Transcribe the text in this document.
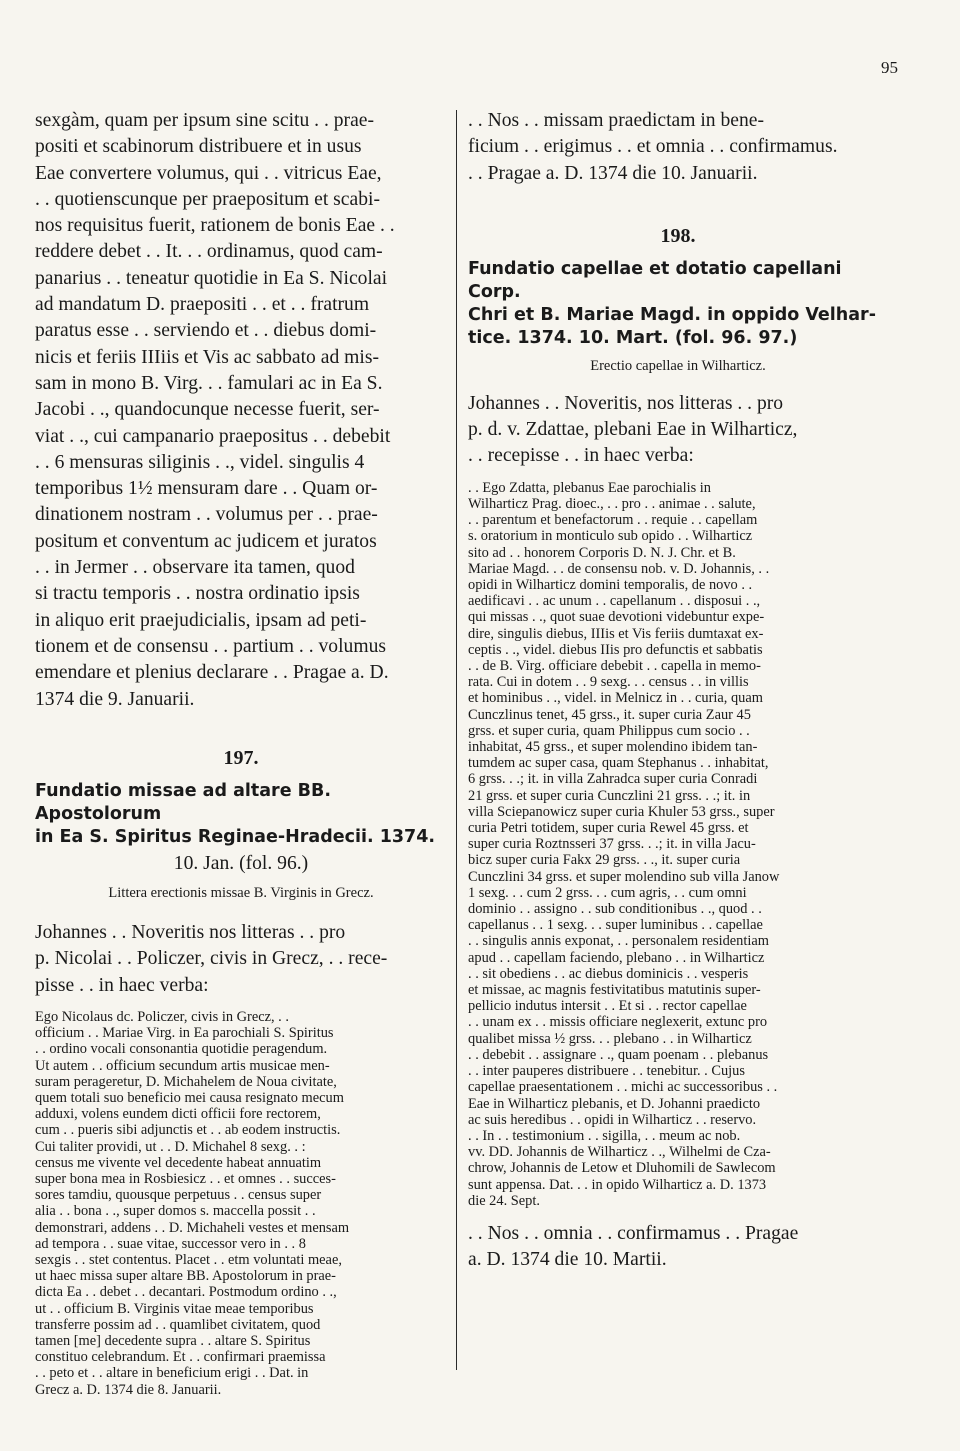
95

sexgàm, quam per ipsum sine scitu . . prae-
positi et scabinorum distribuere et in usus
Eae convertere volumus, qui . . vitricus Eae,
. . quotienscunque per praepositum et scabi-
nos requisitus fuerit, rationem de bonis Eae . .
reddere debet . . It. . . ordinamus, quod cam-
panarius . . teneatur quotidie in Ea S. Nicolai
ad mandatum D. praepositi . . et . . fratrum
paratus esse . . serviendo et . . diebus domi-
nicis et feriis IIIiis et Vis ac sabbato ad mis-
sam in mono B. Virg. . . famulari ac in Ea S.
Jacobi . ., quandocunque necesse fuerit, ser-
viat . ., cui campanario praepositus . . debebit
. . 6 mensuras siliginis . ., videl. singulis 4
temporibus 1½ mensuram dare . . Quam or-
dinationem nostram . . volumus per . . prae-
positum et conventum ac judicem et juratos
. . in Jermer . . observare ita tamen, quod
si tractu temporis . . nostra ordinatio ipsis
in aliquo erit praejudicialis, ipsam ad peti-
tionem et de consensu . . partium . . volumus
emendare et plenius declarare . . Pragae a. D.
1374 die 9. Januarii.

197.

Fundatio missae ad altare BB. Apostolorum
in Ea S. Spiritus Reginae-Hradecii. 1374.

10. Jan. (fol. 96.)

Littera erectionis missae B. Virginis in Grecz.

Johannes . . Noveritis nos litteras . . pro
p. Nicolai . . Policzer, civis in Grecz, . . rece-
pisse . . in haec verba:

Ego Nicolaus dc. Policzer, civis in Grecz, . .
officium . . Mariae Virg. in Ea parochiali S. Spiritus
. . ordino vocali consonantia quotidie peragendum.
Ut autem . . officium secundum artis musicae men-
suram perageretur, D. Michahelem de Noua civitate,
quem totali suo beneficio mei causa resignato mecum
adduxi, volens eundem dicti officii fore rectorem,
cum . . pueris sibi adjunctis et . . ab eodem instructis.
Cui taliter providi, ut . . D. Michahel 8 sexg. . :
census me vivente vel decedente habeat annuatim
super bona mea in Rosbiesicz . . et omnes . . succes-
sores tamdiu, quousque perpetuus . . census super
alia . . bona . ., super domos s. maccella possit . .
demonstrari, addens . . D. Michaheli vestes et mensam
ad tempora . . suae vitae, successor vero in . . 8
sexgis . . stet contentus. Placet . . etm voluntati meae,
ut haec missa super altare BB. Apostolorum in prae-
dicta Ea . . debet . . decantari. Postmodum ordino . .,
ut . . officium B. Virginis vitae meae temporibus
transferre possim ad . . quamlibet civitatem, quod
tamen [me] decedente supra . . altare S. Spiritus
constituo celebrandum. Et . . confirmari praemissa
. . peto et . . altare in beneficium erigi . . Dat. in
Grecz a. D. 1374 die 8. Januarii.

. . Nos . . missam praedictam in bene-
ficium . . erigimus . . et omnia . . confirmamus.
. . Pragae a. D. 1374 die 10. Januarii.

198.

Fundatio capellae et dotatio capellani Corp.
Chri et B. Mariae Magd. in oppido Velhar-
tice. 1374. 10. Mart. (fol. 96. 97.)

Erectio capellae in Wilharticz.

Johannes . . Noveritis, nos litteras . . pro
p. d. v. Zdattae, plebani Eae in Wilharticz,
. . recepisse . . in haec verba:

. . Ego Zdatta, plebanus Eae parochialis in
Wilharticz Prag. dioec., . . pro . . animae . . salute,
. . parentum et benefactorum . . requie . . capellam
s. oratorium in monticulo sub opido . . Wilharticz
sito ad . . honorem Corporis D. N. J. Chr. et B.
Mariae Magd. . . de consensu nob. v. D. Johannis, . .
opidi in Wilharticz domini temporalis, de novo . .
aedificavi . . ac unum . . capellanum . . disposui . .,
qui missas . ., quot suae devotioni videbuntur expe-
dire, singulis diebus, IIIis et Vis feriis dumtaxat ex-
ceptis . ., videl. diebus IIis pro defunctis et sabbatis
. . de B. Virg. officiare debebit . . capella in memo-
rata. Cui in dotem . . 9 sexg. . . census . . in villis
et hominibus . ., videl. in Melnicz in . . curia, quam
Cunczlinus tenet, 45 grss., it. super curia Zaur 45
grss. et super curia, quam Philippus cum socio . .
inhabitat, 45 grss., et super molendino ibidem tan-
tumdem ac super casa, quam Stephanus . . inhabitat,
6 grss. . .; it. in villa Zahradca super curia Conradi
21 grss. et super curia Cunczlini 21 grss. . .; it. in
villa Sciepanowicz super curia Khuler 53 grss., super
curia Petri totidem, super curia Rewel 45 grss. et
super curia Roztnsseri 37 grss. . .; it. in villa Jacu-
bicz super curia Fakx 29 grss. . ., it. super curia
Cunczlini 34 grss. et super molendino sub villa Janow
1 sexg. . . cum 2 grss. . . cum agris, . . cum omni
dominio . . assigno . . sub conditionibus . ., quod . .
capellanus . . 1 sexg. . . super luminibus . . capellae
. . singulis annis exponat, . . personalem residentiam
apud . . capellam faciendo, plebano . . in Wilharticz
. . sit obediens . . ac diebus dominicis . . vesperis
et missae, ac magnis festivitatibus matutinis super-
pellicio indutus intersit . . Et si . . rector capellae
. . unam ex . . missis officiare neglexerit, extunc pro
qualibet missa ½ grss. . . plebano . . in Wilharticz
. . debebit . . assignare . ., quam poenam . . plebanus
. . inter pauperes distribuere . . tenebitur. . Cujus
capellae praesentationem . . michi ac successoribus . .
Eae in Wilharticz plebanis, et D. Johanni praedicto
ac suis heredibus . . opidi in Wilharticz . . reservo.
. . In . . testimonium . . sigilla, . . meum ac nob.
vv. DD. Johannis de Wilharticz . ., Wilhelmi de Cza-
chrow, Johannis de Letow et Dluhomili de Sawlecom
sunt appensa. Dat. . . in opido Wilharticz a. D. 1373
die 24. Sept.

. . Nos . . omnia . . confirmamus . . Pragae
a. D. 1374 die 10. Martii.
